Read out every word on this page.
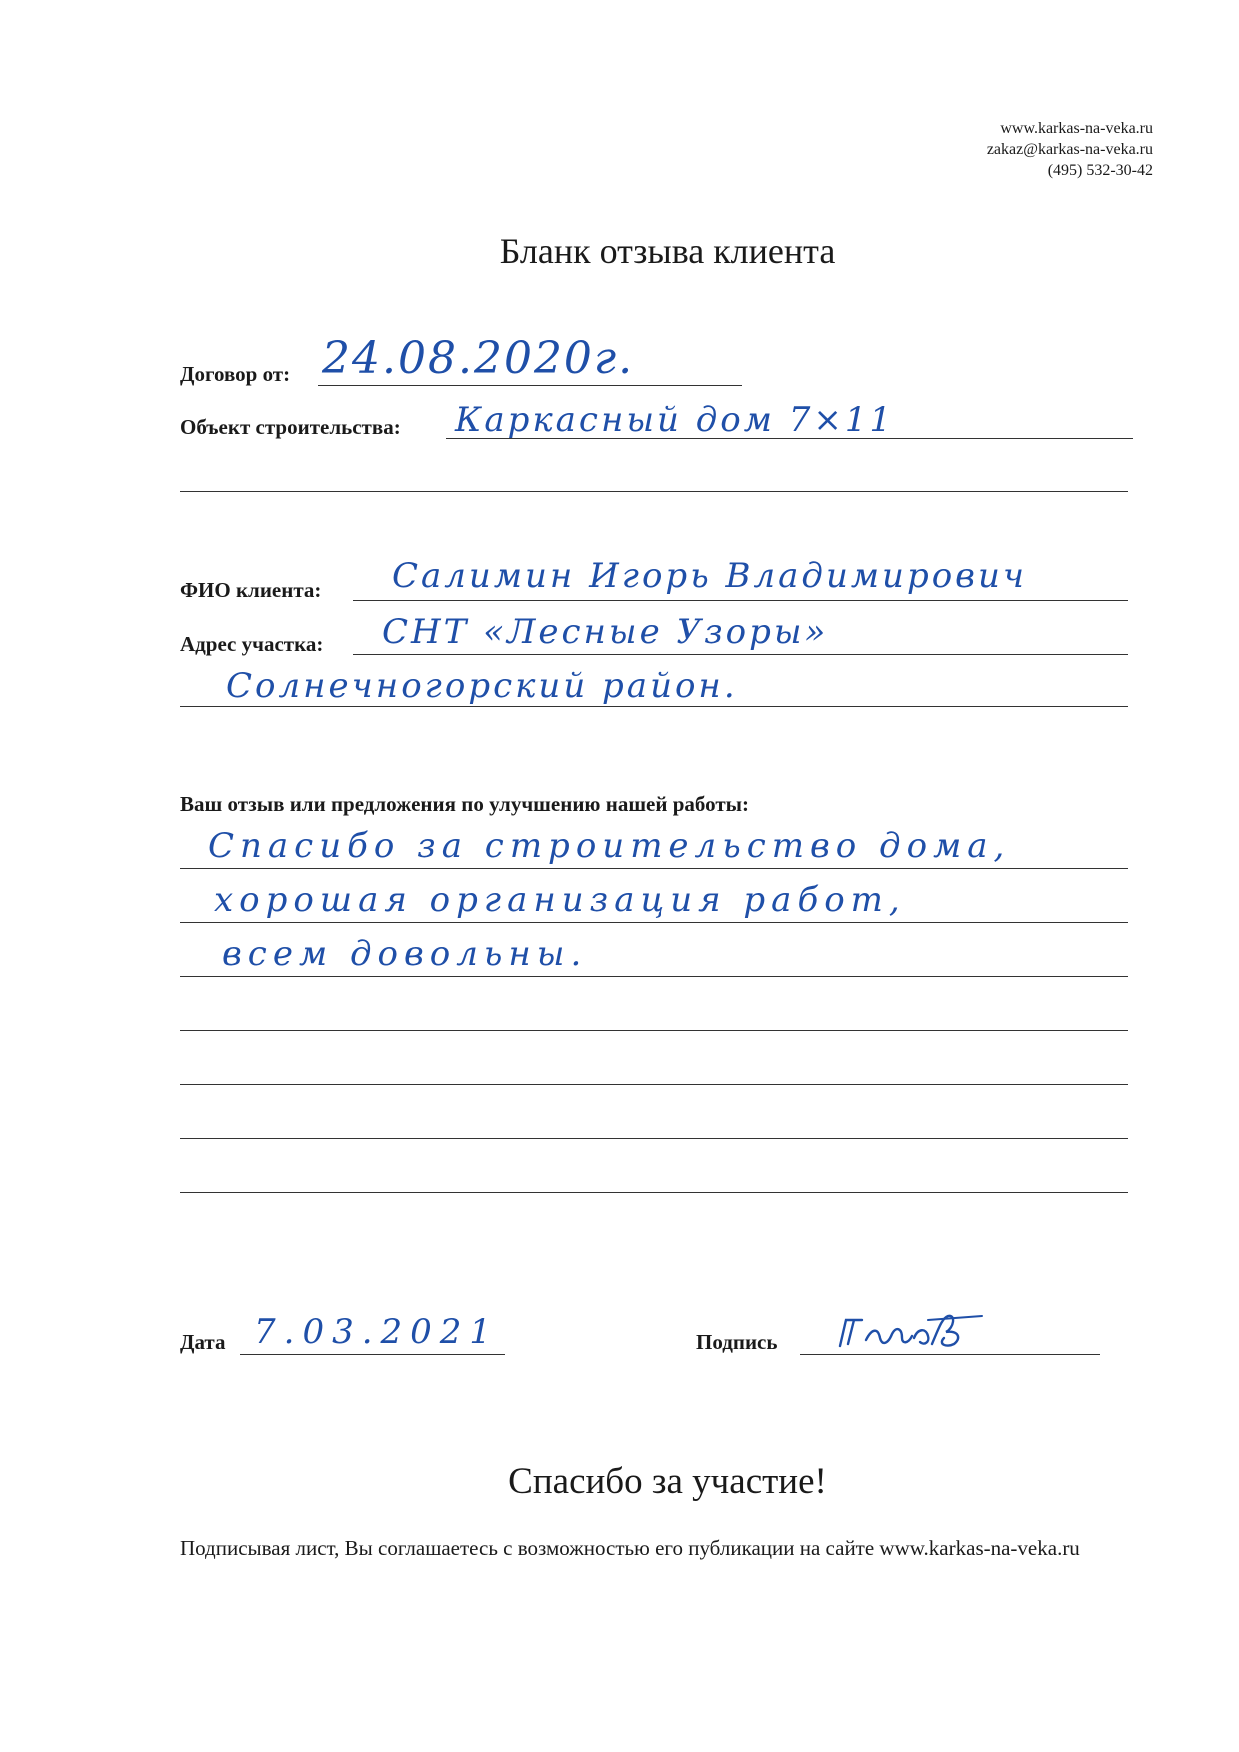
www.karkas-na-veka.ru
zakaz@karkas-na-veka.ru
(495) 532-30-42
Бланк отзыва клиента
Договор от: 24.08.2020г.
Объект строительства: Каркасный дом 7×11
ФИО клиента: Салимин Игорь Владимирович
Адрес участка: СНТ «Лесные Узоры»
Солнечногорский район.
Ваш отзыв или предложения по улучшению нашей работы:
Спасибо за строительство дома,
хорошая организация работ,
всем довольны.
Дата 7.03.2021	Подпись
Спасибо за участие!
Подписывая лист, Вы соглашаетесь с возможностью его публикации на сайте www.karkas-na-veka.ru
